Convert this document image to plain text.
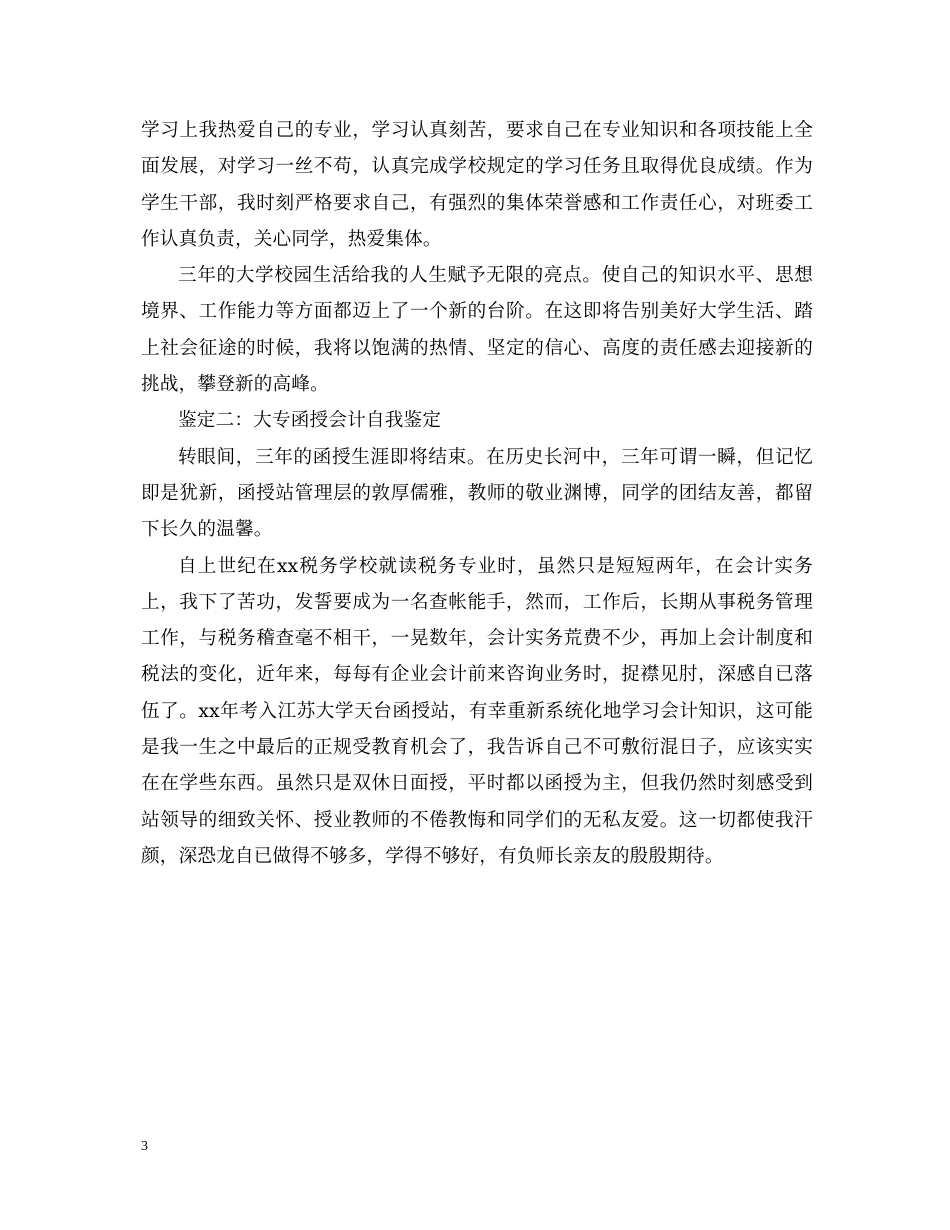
学习上我热爱自己的专业，学习认真刻苦，要求自己在专业知识和各项技能上全面发展，对学习一丝不苟，认真完成学校规定的学习任务且取得优良成绩。作为学生干部，我时刻严格要求自己，有强烈的集体荣誉感和工作责任心，对班委工作认真负责，关心同学，热爱集体。

三年的大学校园生活给我的人生赋予无限的亮点。使自己的知识水平、思想境界、工作能力等方面都迈上了一个新的台阶。在这即将告别美好大学生活、踏上社会征途的时候，我将以饱满的热情、坚定的信心、高度的责任感去迎接新的挑战，攀登新的高峰。

鉴定二：大专函授会计自我鉴定

转眼间，三年的函授生涯即将结束。在历史长河中，三年可谓一瞬，但记忆即是犹新，函授站管理层的敦厚儒雅，教师的敬业渊博，同学的团结友善，都留下长久的温馨。

自上世纪在xx税务学校就读税务专业时，虽然只是短短两年，在会计实务上，我下了苦功，发誓要成为一名查帐能手，然而，工作后，长期从事税务管理工作，与税务稽查毫不相干，一晃数年，会计实务荒费不少，再加上会计制度和税法的变化，近年来，每每有企业会计前来咨询业务时，捉襟见肘，深感自已落伍了。xx年考入江苏大学天台函授站，有幸重新系统化地学习会计知识，这可能是我一生之中最后的正规受教育机会了，我告诉自己不可敷衍混日子，应该实实在在学些东西。虽然只是双休日面授，平时都以函授为主，但我仍然时刻感受到站领导的细致关怀、授业教师的不倦教悔和同学们的无私友爱。这一切都使我汗颜，深恐龙自已做得不够多，学得不够好，有负师长亲友的殷殷期待。

3
